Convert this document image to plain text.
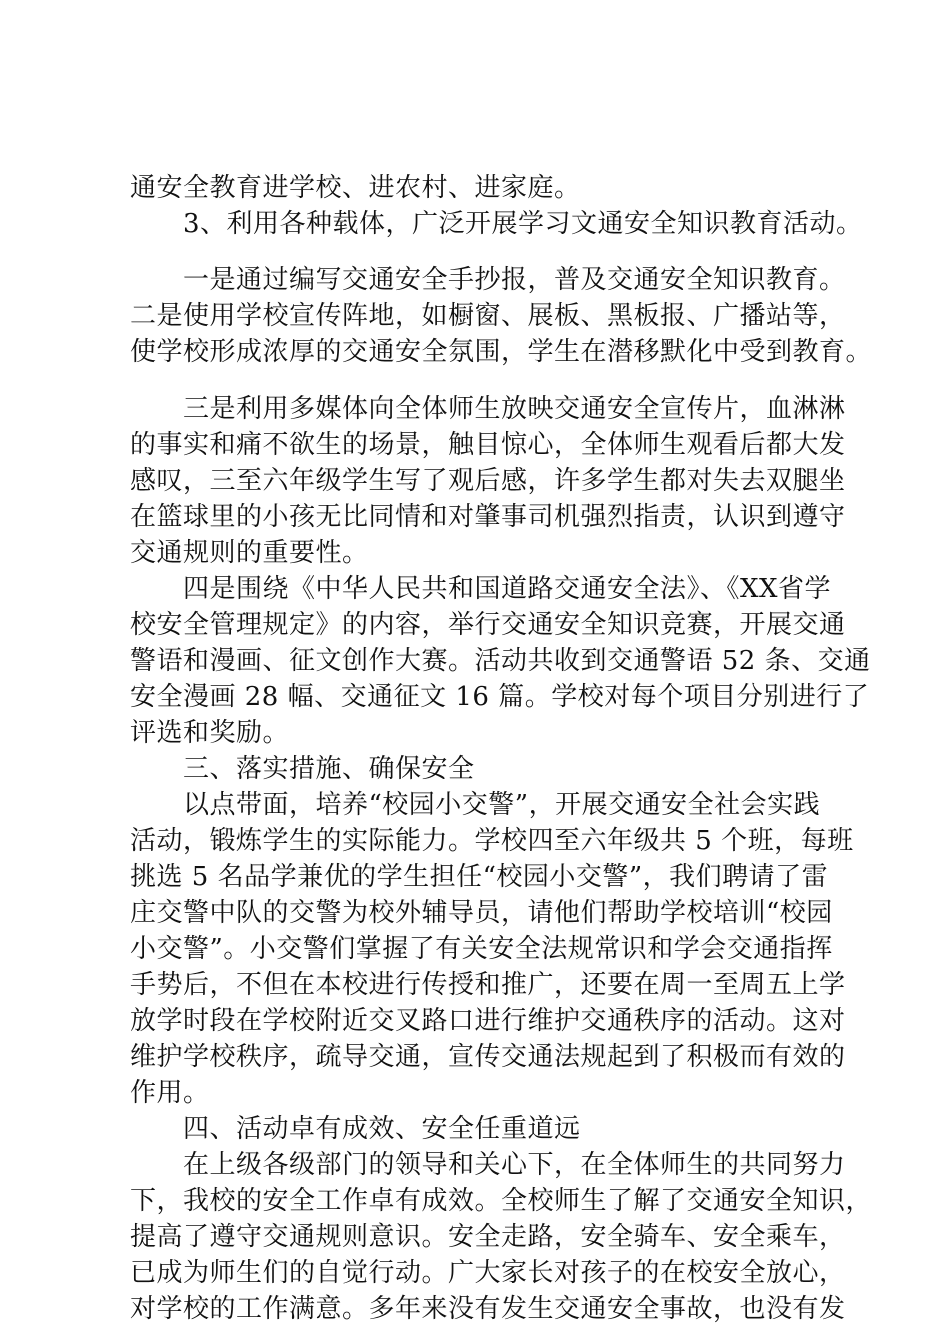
通安全教育进学校、进农村、进家庭。
　　3、利用各种载体，广泛开展学习文通安全知识教育活动。
　　一是通过编写交通安全手抄报，普及交通安全知识教育。
二是使用学校宣传阵地，如橱窗、展板、黑板报、广播站等，
使学校形成浓厚的交通安全氛围，学生在潜移默化中受到教育。
　　三是利用多媒体向全体师生放映交通安全宣传片，血淋淋
的事实和痛不欲生的场景，触目惊心，全体师生观看后都大发
感叹，三至六年级学生写了观后感，许多学生都对失去双腿坐
在篮球里的小孩无比同情和对肇事司机强烈指责，认识到遵守
交通规则的重要性。
　　四是围绕《中华人民共和国道路交通安全法》、《XX省学
校安全管理规定》的内容，举行交通安全知识竞赛，开展交通
警语和漫画、征文创作大赛。活动共收到交通警语 52 条、交通
安全漫画 28 幅、交通征文 16 篇。学校对每个项目分别进行了
评选和奖励。
　　三、落实措施、确保安全
　　以点带面，培养“校园小交警”，开展交通安全社会实践
活动，锻炼学生的实际能力。学校四至六年级共 5 个班，每班
挑选 5 名品学兼优的学生担任“校园小交警”，我们聘请了雷
庄交警中队的交警为校外辅导员，请他们帮助学校培训“校园
小交警”。小交警们掌握了有关安全法规常识和学会交通指挥
手势后，不但在本校进行传授和推广，还要在周一至周五上学
放学时段在学校附近交叉路口进行维护交通秩序的活动。这对
维护学校秩序，疏导交通，宣传交通法规起到了积极而有效的
作用。
　　四、活动卓有成效、安全任重道远
　　在上级各级部门的领导和关心下，在全体师生的共同努力
下，我校的安全工作卓有成效。全校师生了解了交通安全知识，
提高了遵守交通规则意识。安全走路，安全骑车、安全乘车，
已成为师生们的自觉行动。广大家长对孩子的在校安全放心，
对学校的工作满意。多年来没有发生交通安全事故，也没有发
